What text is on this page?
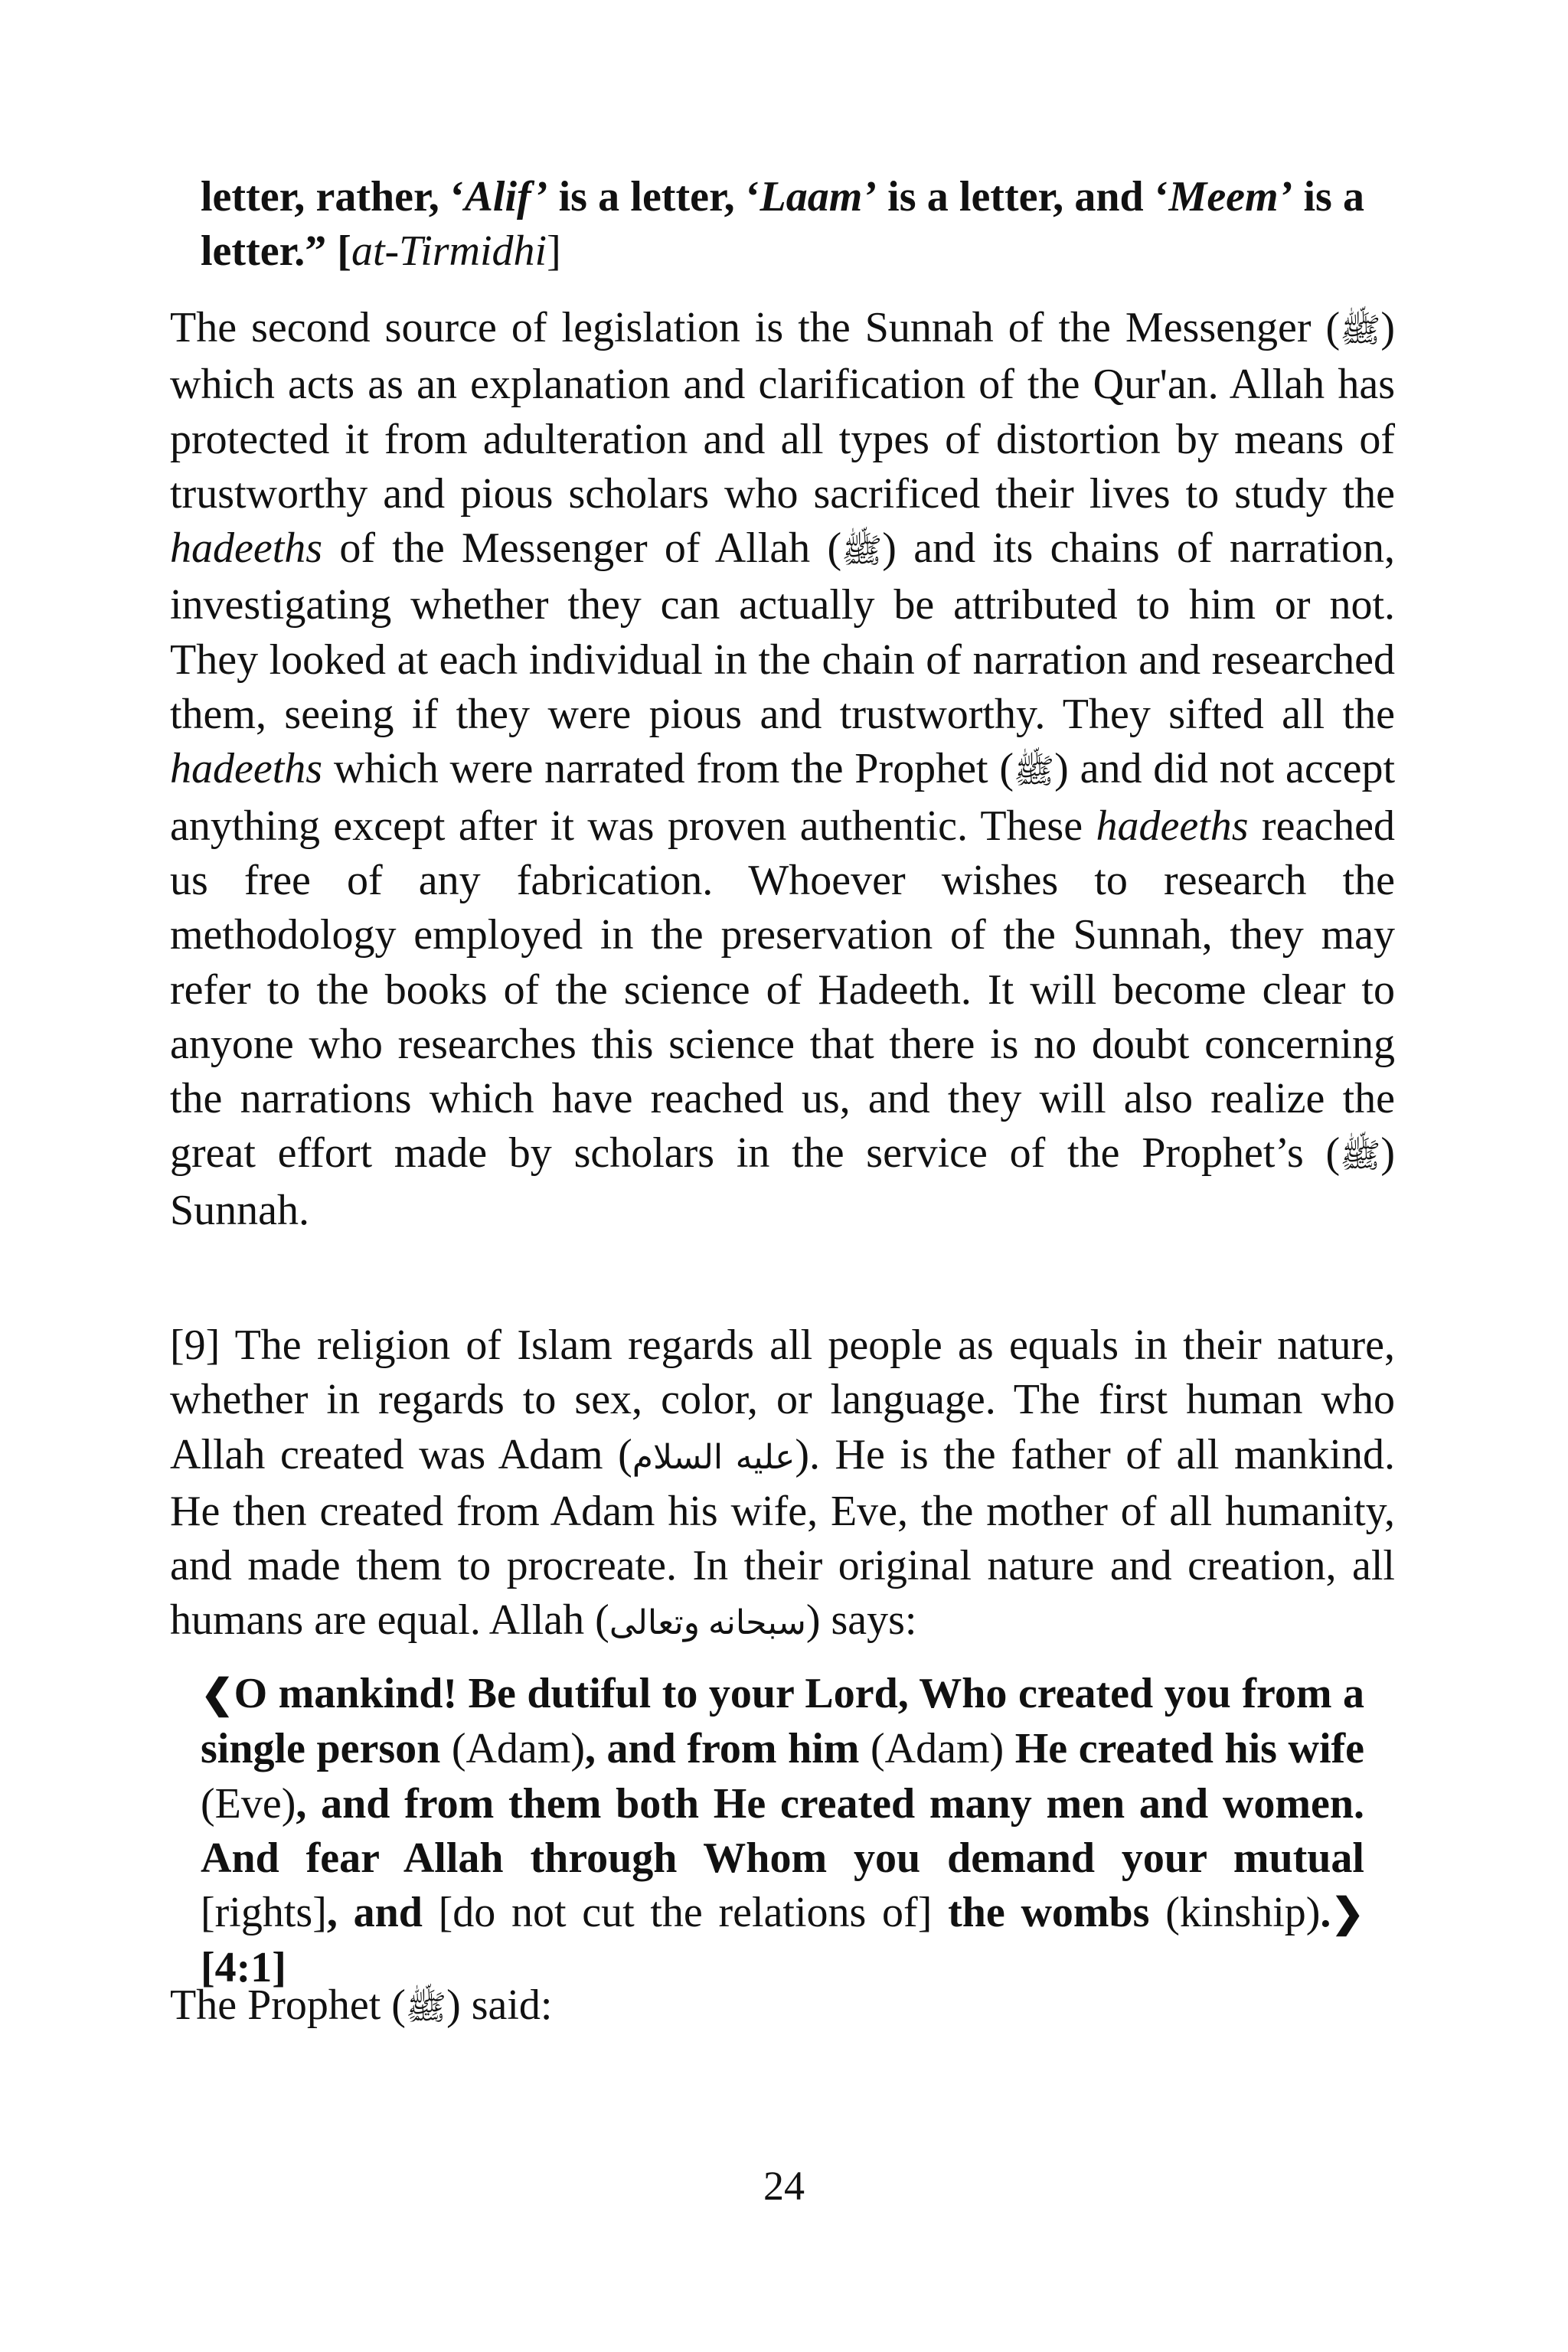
letter, rather, ‘Alif’ is a letter, ‘Laam’ is a letter, and ‘Meem’ is a letter.” [at-Tirmidhi]
The second source of legislation is the Sunnah of the Messenger (ﷺ) which acts as an explanation and clarification of the Qur'an. Allah has protected it from adulteration and all types of distortion by means of trustworthy and pious scholars who sacrificed their lives to study the hadeeths of the Messenger of Allah (ﷺ) and its chains of narration, investigating whether they can actually be attributed to him or not. They looked at each individual in the chain of narration and researched them, seeing if they were pious and trustworthy. They sifted all the hadeeths which were narrated from the Prophet (ﷺ) and did not accept anything except after it was proven authentic. These hadeeths reached us free of any fabrication. Whoever wishes to research the methodology employed in the preservation of the Sunnah, they may refer to the books of the science of Hadeeth. It will become clear to anyone who researches this science that there is no doubt concerning the narrations which have reached us, and they will also realize the great effort made by scholars in the service of the Prophet’s (ﷺ) Sunnah.
[9] The religion of Islam regards all people as equals in their nature, whether in regards to sex, color, or language. The first human who Allah created was Adam (عليه السلام). He is the father of all mankind. He then created from Adam his wife, Eve, the mother of all humanity, and made them to procreate. In their original nature and creation, all humans are equal. Allah (سبحانه وتعالى) says:
❮O mankind! Be dutiful to your Lord, Who created you from a single person (Adam), and from him (Adam) He created his wife (Eve), and from them both He created many men and women. And fear Allah through Whom you demand your mutual [rights], and [do not cut the relations of] the wombs (kinship).❯ [4:1]
The Prophet (ﷺ) said:
24
